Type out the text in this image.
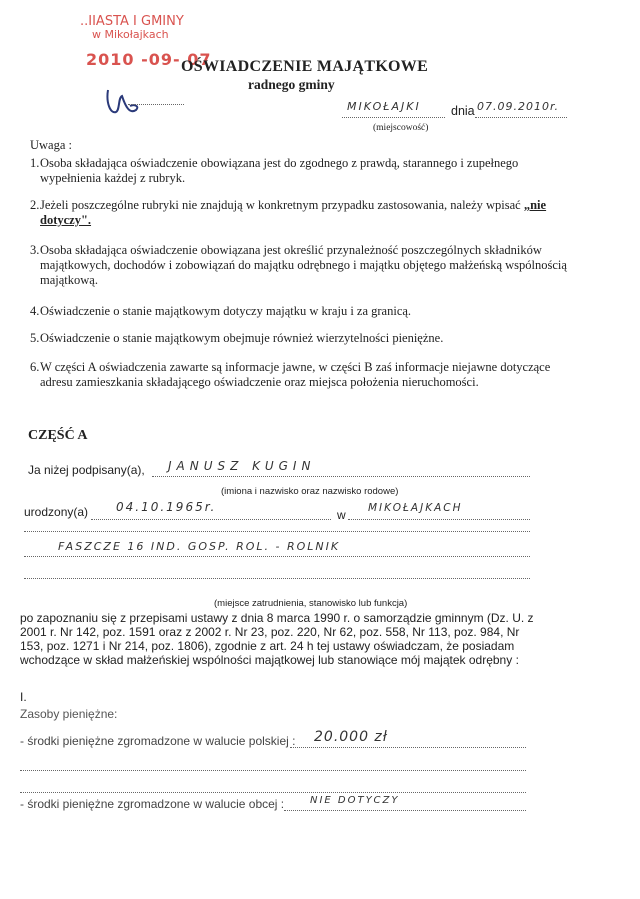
..IIASTA I GMINY
w Mikołajkach
2010 -09- 07
OŚWIADCZENIE MAJĄTKOWE
radnego gminy
MIKOŁAJKI dnia 07.09.2010r.
(miejscowość)
Uwaga :
1. Osoba składająca oświadczenie obowiązana jest do zgodnego z prawdą, starannego i zupełnego wypełnienia każdej z rubryk.
2. Jeżeli poszczególne rubryki nie znajdują w konkretnym przypadku zastosowania, należy wpisać „nie dotyczy".
3. Osoba składająca oświadczenie obowiązana jest określić przynależność poszczególnych składników majątkowych, dochodów i zobowiązań do majątku odrębnego i majątku objętego małżeńską wspólnością majątkową.
4. Oświadczenie o stanie majątkowym dotyczy majątku w kraju i za granicą.
5. Oświadczenie o stanie majątkowym obejmuje również wierzytelności pieniężne.
6. W części A oświadczenia zawarte są informacje jawne, w części B zaś informacje niejawne dotyczące adresu zamieszkania składającego oświadczenie oraz miejsca położenia nieruchomości.
CZĘŚĆ A
Ja niżej podpisany(a), JANUSZ KUGIN
(imiona i nazwisko oraz nazwisko rodowe)
urodzony(a) 04.10.1965r.
w MIKOŁAJKACH
FASZCZE 16 IND. GOSP. ROL. - ROLNIK
(miejsce zatrudnienia, stanowisko lub funkcja)
po zapoznaniu się z przepisami ustawy z dnia 8 marca 1990 r. o samorządzie gminnym (Dz. U. z 2001 r. Nr 142, poz. 1591 oraz z 2002 r. Nr 23, poz. 220, Nr 62, poz. 558, Nr 113, poz. 984, Nr 153, poz. 1271 i Nr 214, poz. 1806), zgodnie z art. 24 h tej ustawy oświadczam, że posiadam wchodzące w skład małżeńskiej wspólności majątkowej lub stanowiące mój majątek odrębny :
I.
Zasoby pieniężne:
- środki pieniężne zgromadzone w walucie polskiej : 20.000 zł
- środki pieniężne zgromadzone w walucie obcej :	NIE DOTYCZY
